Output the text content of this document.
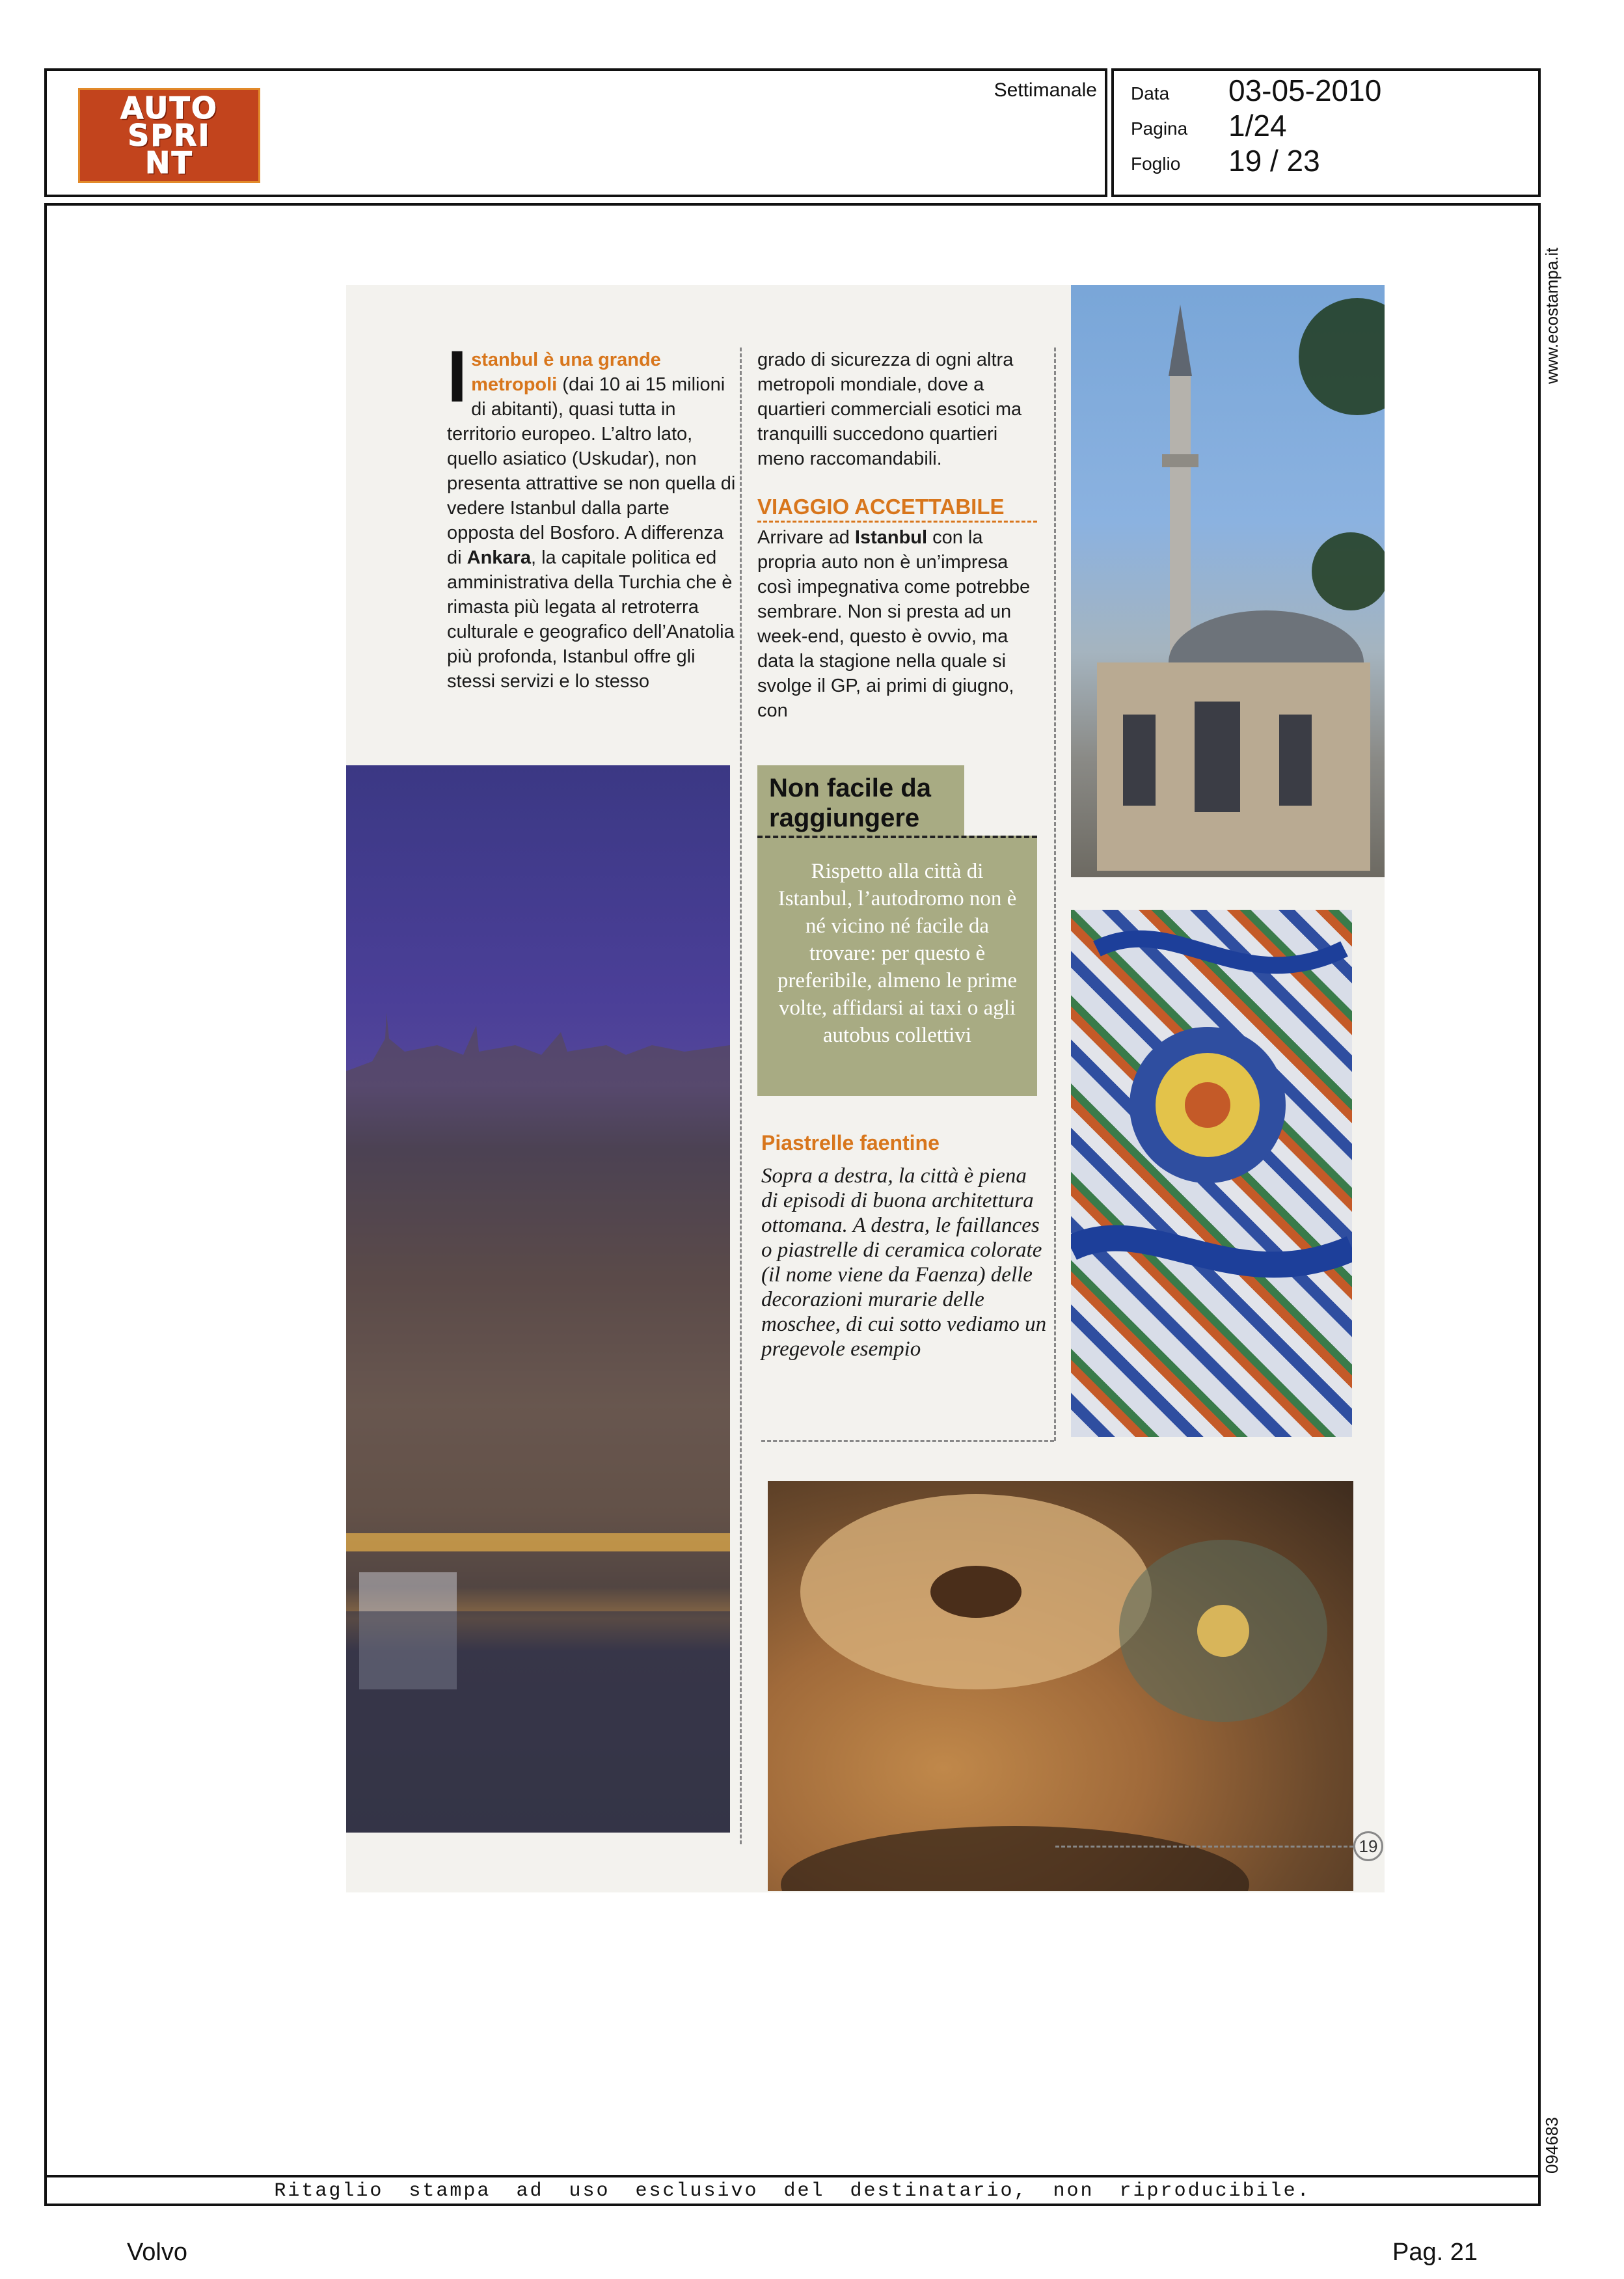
AUTO
SPRI
NT
Settimanale Data 03-05-2010
Pagina 1/24
Foglio 19 / 23
www.ecostampa.it
094683
Istanbul è una grande metropoli (dai 10 ai 15 milioni di abitanti), quasi tutta in territorio europeo. L’altro lato, quello asiatico (Uskudar), non presenta attrattive se non quella di vedere Istanbul dalla parte opposta del Bosforo. A differenza di Ankara, la capitale politica ed amministrativa della Turchia che è rimasta più legata al retroterra culturale e geografico dell’Anatolia più profonda, Istanbul offre gli stessi servizi e lo stesso
grado di sicurezza di ogni altra metropoli mondiale, dove a quartieri commerciali esotici ma tranquilli succedono quartieri meno raccomandabili.
VIAGGIO ACCETTABILE
Arrivare ad Istanbul con la propria auto non è un’impresa così impegnativa come potrebbe sembrare. Non si presta ad un week-end, questo è ovvio, ma data la stagione nella quale si svolge il GP, ai primi di giugno, con
Non facile da raggiungere
Rispetto alla città di Istanbul, l’autodromo non è né vicino né facile da trovare: per questo è preferibile, almeno le prime volte, affidarsi ai taxi o agli autobus collettivi
Piastrelle faentine
Sopra a destra, la città è piena di episodi di buona architettura ottomana. A destra, le faillances o piastrelle di ceramica colorate (il nome viene da Faenza) delle decorazioni murarie delle moschee, di cui sotto vediamo un pregevole esempio
19
Ritaglio stampa ad uso esclusivo del destinatario, non riproducibile.
Volvo	Pag. 21
